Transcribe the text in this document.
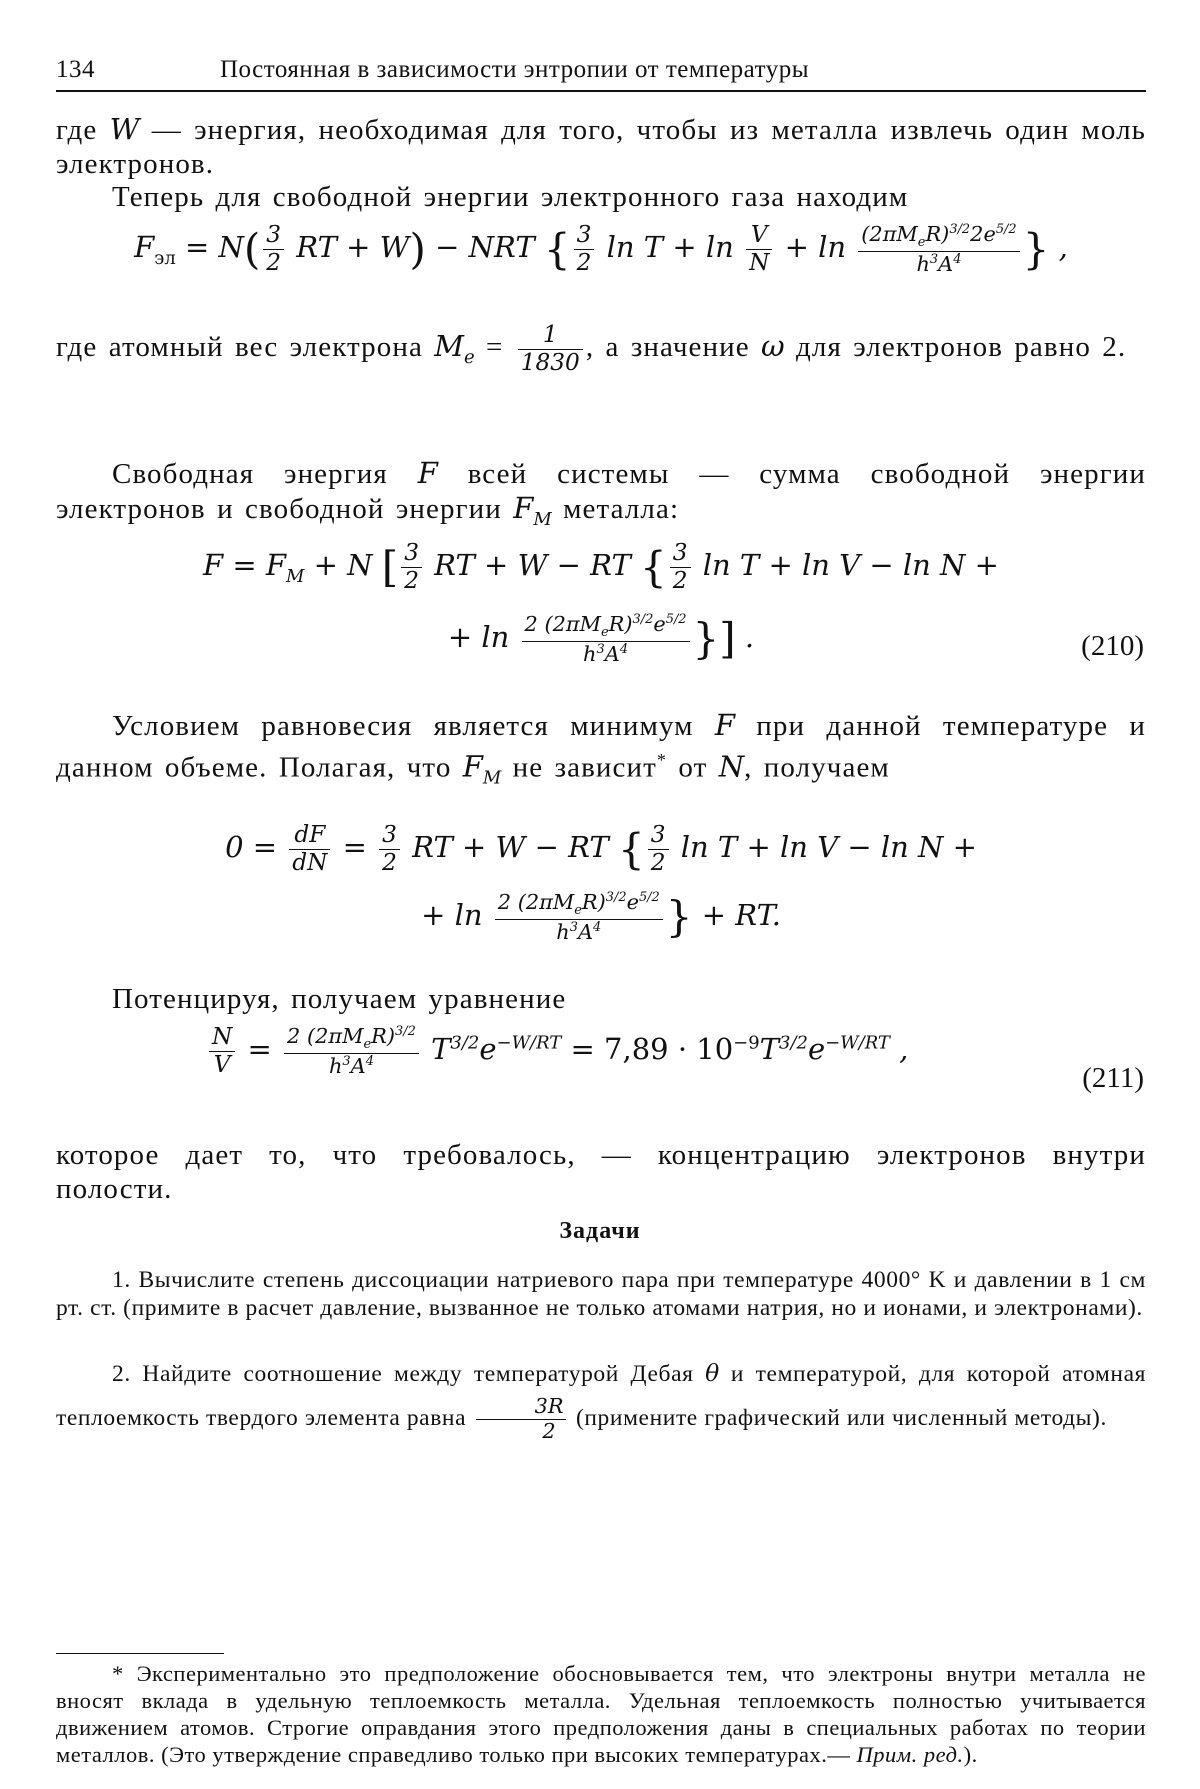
134	Постоянная в зависимости энтропии от температуры
где W — энергия, необходимая для того, чтобы из металла извлечь один моль электронов.
Теперь для свободной энергии электронного газа находим
$F_{эл} = N( \frac{3}{2}$ RT + W) − NRT { $\frac{3}{2}$ $\ln T + \ln \frac{V}{N} + \ln \frac{(2\pi M_eR)^{3/2}2e^{5/2}}{h^3A^4}$ } ,
где атомный вес электрона $M_e = \frac{1}{1830}$ , а значение ω для электронов равно 2.
Свободная энергия F всей системы — сумма свободной энергии электронов и свободной энергии $F_M$ металла:
$F = F_M + N$ [ $\frac{3}{2}$ RT + W − RT { $\frac{3}{2}$ ln T + ln V − ln N +
+ $\ln \frac{2 (2\pi M_eR)^{3/2}e^{5/2}}{h^3A^4}$ }] .	(210)
Условием равновесия является минимум F при данной температуре и данном объеме. Полагая, что $F_M$ не зависит* от N, получаем
$0 = \frac{dF}{dN} = \frac{3}{2}$ RT + W − RT { $\frac{3}{2}$ ln T + ln V − ln N +
+ $\ln \frac{2 (2\pi M_eR)^{3/2}e^{5/2}}{h^3A^4}$ } + RT.
Потенцируя, получаем уравнение
$\frac{N}{V} = \frac{2 (2\pi M_eR)^{3/2}}{h^3A^4} T^{3/2}e^{-W/RT} = 7,89 \cdot 10^{-9}T^{3/2}e^{-W/RT}$ ,
(211)
которое дает то, что требовалось, — концентрацию электронов внутри полости.
Задачи
1. Вычислите степень диссоциации натриевого пара при температуре 4000° K и давлении в 1 см рт. ст. (примите в расчет давление, вызванное не только атомами натрия, но и ионами, и электронами).
2. Найдите соотношение между температурой Дебая θ и температурой, для которой атомная теплоемкость твердого элемента равна $\frac{3R}{2}$ (примените графический или численный методы).
* Экспериментально это предположение обосновывается тем, что электроны внутри металла не вносят вклада в удельную теплоемкость металла. Удельная теплоемкость полностью учитывается движением атомов. Строгие оправдания этого предположения даны в специальных работах по теории металлов. (Это утверждение справедливо только при высоких температурах.— Прим. ред.).
